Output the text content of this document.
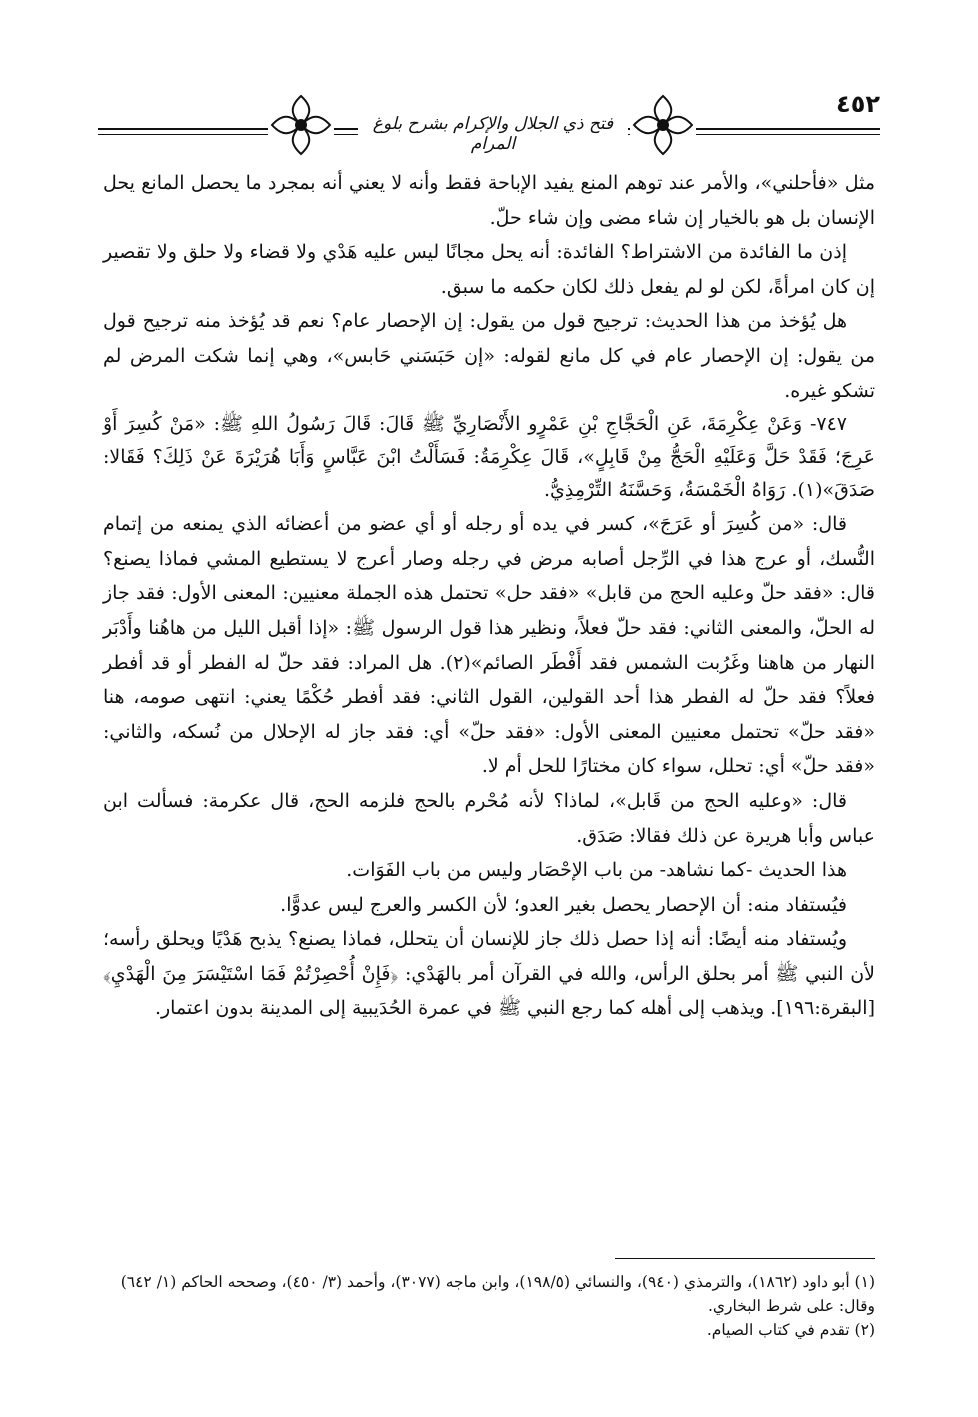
فتح ذي الجلال والإكرام بشرح بلوغ المرام
٤٥٢

مثل «فأحلني»، والأمر عند توهم المنع يفيد الإباحة فقط وأنه لا يعني أنه بمجرد ما يحصل المانع يحل الإنسان بل هو بالخيار إن شاء مضى وإن شاء حلّ.

إذن ما الفائدة من الاشتراط؟ الفائدة: أنه يحل مجانًا ليس عليه هَدْي ولا قضاء ولا حلق ولا تقصير إن كان امرأةً، لكن لو لم يفعل ذلك لكان حكمه ما سبق.

هل يُؤخذ من هذا الحديث: ترجيح قول من يقول: إن الإحصار عام؟ نعم قد يُؤخذ منه ترجيح قول من يقول: إن الإحصار عام في كل مانع لقوله: «إن حَبَسَني حَابس»، وهي إنما شكت المرض لم تشكو غيره.

٧٤٧- وَعَنْ عِكْرِمَةَ، عَنِ الْحَجَّاجِ بْنِ عَمْرٍو الأَنْصَارِيِّ ﷺ قَالَ: قَالَ رَسُولُ اللهِ ﷺ: «مَنْ كُسِرَ أَوْ عَرِجَ؛ فَقَدْ حَلَّ وَعَلَيْهِ الْحَجُّ مِنْ قَابِلٍ»، قَالَ عِكْرِمَةُ: فَسَأَلْتُ ابْنَ عَبَّاسٍ وَأَبَا هُرَيْرَةَ عَنْ ذَلِكَ؟ فَقَالا: صَدَقَ»(١). رَوَاهُ الْخَمْسَةُ، وَحَسَّنَهُ التِّرْمِذِيُّ.

قال: «من كُسِرَ أو عَرَجَ»، كسر في يده أو رجله أو أي عضو من أعضائه الذي يمنعه من إتمام النُّسك، أو عرج هذا في الرِّجل أصابه مرض في رجله وصار أعرج لا يستطيع المشي فماذا يصنع؟ قال: «فقد حلّ وعليه الحج من قابل» «فقد حل» تحتمل هذه الجملة معنيين: المعنى الأول: فقد جاز له الحلّ، والمعنى الثاني: فقد حلّ فعلاً، ونظير هذا قول الرسول ﷺ: «إذا أقبل الليل من هاهُنا وأَدْبَر النهار من هاهنا وغَرُبت الشمس فقد أَفْطَر الصائم»(٢). هل المراد: فقد حلّ له الفطر أو قد أفطر فعلاً؟ فقد حلّ له الفطر هذا أحد القولين، القول الثاني: فقد أفطر حُكْمًا يعني: انتهى صومه، هنا «فقد حلّ» تحتمل معنيين المعنى الأول: «فقد حلّ» أي: فقد جاز له الإحلال من نُسكه، والثاني: «فقد حلّ» أي: تحلل، سواء كان مختارًا للحل أم لا.

قال: «وعليه الحج من قَابل»، لماذا؟ لأنه مُحْرم بالحج فلزمه الحج، قال عكرمة: فسألت ابن عباس وأبا هريرة عن ذلك فقالا: صَدَق.

هذا الحديث -كما نشاهد- من باب الإحْصَار وليس من باب الفَوَات.

فيُستفاد منه: أن الإحصار يحصل بغير العدو؛ لأن الكسر والعرج ليس عدوًّا.

ويُستفاد منه أيضًا: أنه إذا حصل ذلك جاز للإنسان أن يتحلل، فماذا يصنع؟ يذبح هَدْيًا ويحلق رأسه؛ لأن النبي ﷺ أمر بحلق الرأس، والله في القرآن أمر بالهَدْي: ﴿فَإِنْ أُحْصِرْتُمْ فَمَا اسْتَيْسَرَ مِنَ الْهَدْيِ﴾ [البقرة:١٩٦]. ويذهب إلى أهله كما رجع النبي ﷺ في عمرة الحُدَيبية إلى المدينة بدون اعتمار.

(١) أبو داود (١٨٦٢)، والترمذي (٩٤٠)، والنسائي (١٩٨/٥)، وابن ماجه (٣٠٧٧)، وأحمد (٣/ ٤٥٠)، وصححه الحاكم (١/ ٦٤٢) وقال: على شرط البخاري.

(٢) تقدم في كتاب الصيام.
